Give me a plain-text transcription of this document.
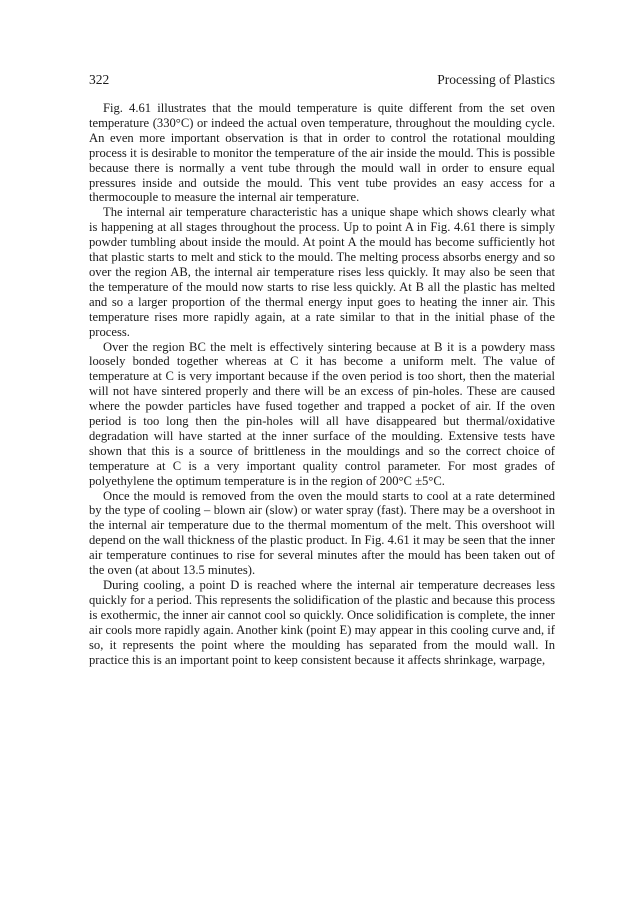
322	Processing of Plastics

Fig. 4.61 illustrates that the mould temperature is quite different from the set oven temperature (330°C) or indeed the actual oven temperature, throughout the moulding cycle. An even more important observation is that in order to control the rotational moulding process it is desirable to monitor the temperature of the air inside the mould. This is possible because there is normally a vent tube through the mould wall in order to ensure equal pressures inside and outside the mould. This vent tube provides an easy access for a thermocouple to measure the internal air temperature.

The internal air temperature characteristic has a unique shape which shows clearly what is happening at all stages throughout the process. Up to point A in Fig. 4.61 there is simply powder tumbling about inside the mould. At point A the mould has become sufficiently hot that plastic starts to melt and stick to the mould. The melting process absorbs energy and so over the region AB, the internal air temperature rises less quickly. It may also be seen that the temperature of the mould now starts to rise less quickly. At B all the plastic has melted and so a larger proportion of the thermal energy input goes to heating the inner air. This temperature rises more rapidly again, at a rate similar to that in the initial phase of the process.

Over the region BC the melt is effectively sintering because at B it is a powdery mass loosely bonded together whereas at C it has become a uniform melt. The value of temperature at C is very important because if the oven period is too short, then the material will not have sintered properly and there will be an excess of pin-holes. These are caused where the powder particles have fused together and trapped a pocket of air. If the oven period is too long then the pin-holes will all have disappeared but thermal/oxidative degradation will have started at the inner surface of the moulding. Extensive tests have shown that this is a source of brittleness in the mouldings and so the correct choice of temperature at C is a very important quality control parameter. For most grades of polyethylene the optimum temperature is in the region of 200°C ±5°C.

Once the mould is removed from the oven the mould starts to cool at a rate determined by the type of cooling – blown air (slow) or water spray (fast). There may be a overshoot in the internal air temperature due to the thermal momentum of the melt. This overshoot will depend on the wall thickness of the plastic product. In Fig. 4.61 it may be seen that the inner air temperature continues to rise for several minutes after the mould has been taken out of the oven (at about 13.5 minutes).

During cooling, a point D is reached where the internal air temperature decreases less quickly for a period. This represents the solidification of the plastic and because this process is exothermic, the inner air cannot cool so quickly. Once solidification is complete, the inner air cools more rapidly again. Another kink (point E) may appear in this cooling curve and, if so, it represents the point where the moulding has separated from the mould wall. In practice this is an important point to keep consistent because it affects shrinkage, warpage,
